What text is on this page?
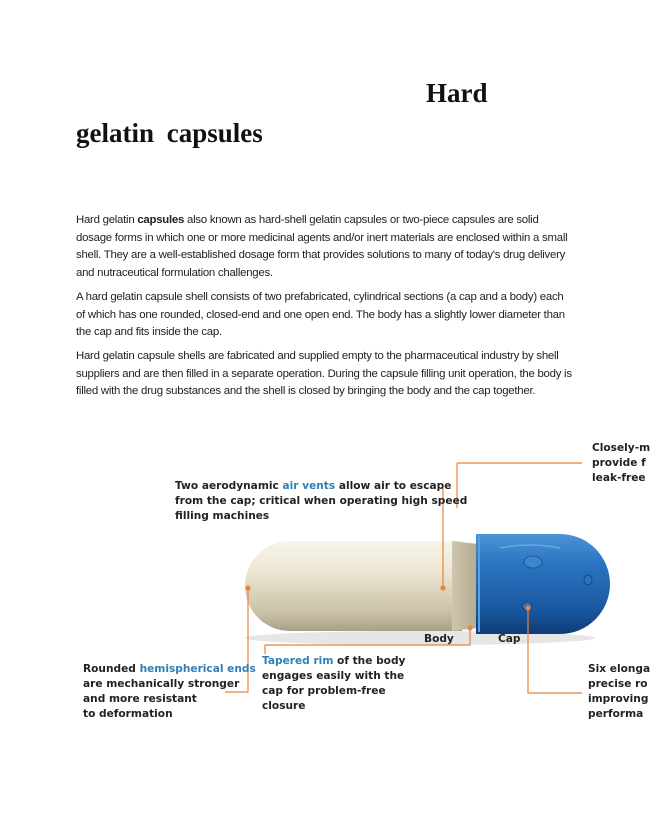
Hard
gelatin capsules

Hard gelatin capsules also known as hard-shell gelatin capsules or two-piece capsules are solid dosage forms in which one or more medicinal agents and/or inert materials are enclosed within a small shell. They are a well-established dosage form that provides solutions to many of today's drug delivery and nutraceutical formulation challenges.

A hard gelatin capsule shell consists of two prefabricated, cylindrical sections (a cap and a body) each of which has one rounded, closed-end and one open end. The body has a slightly lower diameter than the cap and fits inside the cap.

Hard gelatin capsule shells are fabricated and supplied empty to the pharmaceutical industry by shell suppliers and are then filled in a separate operation. During the capsule filling unit operation, the body is filled with the drug substances and the shell is closed by bringing the body and the cap together.

Two aerodynamic air vents allow air to escape
from the cap; critical when operating high speed
filling machines
Closely-m
provide f
leak-free
Body	Cap
Rounded hemispherical ends
are mechanically stronger
and more resistant
to deformation
Tapered rim of the body
engages easily with the
cap for problem-free
closure
Six elonga
precise ro
improving
performa
